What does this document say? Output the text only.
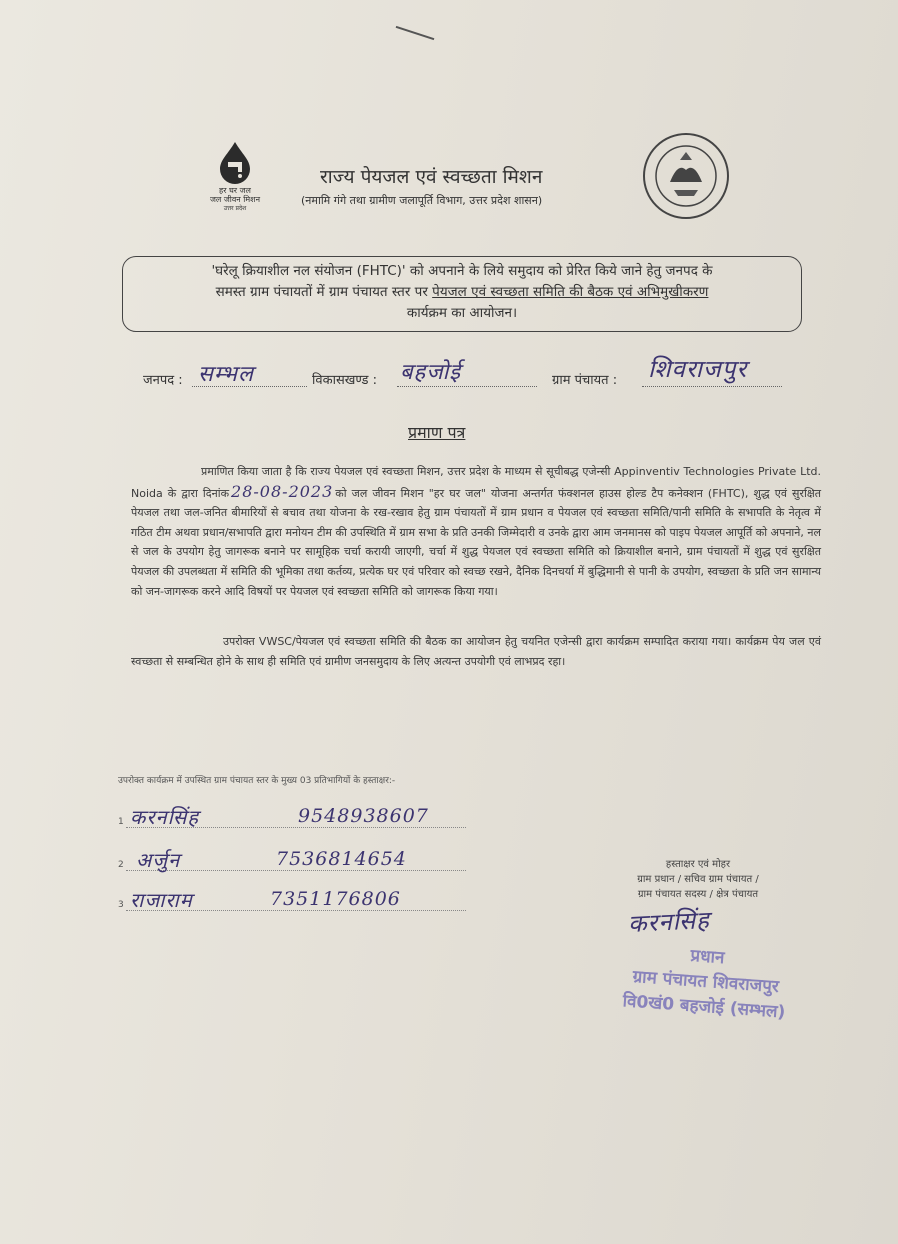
हर घर जल
जल जीवन मिशन
उत्तर प्रदेश
राज्य पेयजल एवं स्वच्छता मिशन
(नमामि गंगे तथा ग्रामीण जलापूर्ति विभाग, उत्तर प्रदेश शासन)
'घरेलू क्रियाशील नल संयोजन (FHTC)' को अपनाने के लिये समुदाय को प्रेरित किये जाने हेतु जनपद के
समस्त ग्राम पंचायतों में ग्राम पंचायत स्तर पर पेयजल एवं स्वच्छता समिति की बैठक एवं अभिमुखीकरण
कार्यक्रम का आयोजन।
जनपद : सम्भल	विकासखण्ड : बहजोई	ग्राम पंचायत : शिवराजपुर
प्रमाण पत्र
प्रमाणित किया जाता है कि राज्य पेयजल एवं स्वच्छता मिशन, उत्तर प्रदेश के माध्यम से सूचीबद्ध एजेन्सी Appinventiv Technologies Private Ltd. Noida के द्वारा दिनांक 28-08-2023 को जल जीवन मिशन "हर घर जल" योजना अन्तर्गत फंक्शनल हाउस होल्ड टैप कनेक्शन (FHTC), शुद्ध एवं सुरक्षित पेयजल तथा जल-जनित बीमारियों से बचाव तथा योजना के रख-रखाव हेतु ग्राम पंचायतों में ग्राम प्रधान व पेयजल एवं स्वच्छता समिति/पानी समिति के सभापति के नेतृत्व में गठित टीम अथवा प्रधान/सभापति द्वारा मनोयन टीम की उपस्थिति में ग्राम सभा के प्रति उनकी जिम्मेदारी व उनके द्वारा आम जनमानस को पाइप पेयजल आपूर्ति को अपनाने, नल से जल के उपयोग हेतु जागरूक बनाने पर सामूहिक चर्चा करायी जाएगी, चर्चा में शुद्ध पेयजल एवं स्वच्छता समिति को क्रियाशील बनाने, ग्राम पंचायतों में शुद्ध एवं सुरक्षित पेयजल की उपलब्धता में समिति की भूमिका तथा कर्तव्य, प्रत्येक घर एवं परिवार को स्वच्छ रखने, दैनिक दिनचर्या में बुद्धिमानी से पानी के उपयोग, स्वच्छता के प्रति जन सामान्य को जन-जागरूक करने आदि विषयों पर पेयजल एवं स्वच्छता समिति को जागरूक किया गया।
उपरोक्त VWSC/पेयजल एवं स्वच्छता समिति की बैठक का आयोजन हेतु चयनित एजेन्सी द्वारा कार्यक्रम सम्पादित कराया गया। कार्यक्रम पेय जल एवं स्वच्छता से सम्बन्धित होने के साथ ही समिति एवं ग्रामीण जनसमुदाय के लिए अत्यन्त उपयोगी एवं लाभप्रद रहा।
उपरोक्त कार्यक्रम में उपस्थित ग्राम पंचायत स्तर के मुख्य 03 प्रतिभागियों के हस्ताक्षर:-
1 करनसिंह	9548938607
2 अर्जुन	7536814654
3 राजाराम	7351176806
हस्ताक्षर एवं मोहर
ग्राम प्रधान / सचिव ग्राम पंचायत /
ग्राम पंचायत सदस्य / क्षेत्र पंचायत
करनसिंह
प्रधान
ग्राम पंचायत शिवराजपुर
वि0खं0 बहजोई (सम्भल)
